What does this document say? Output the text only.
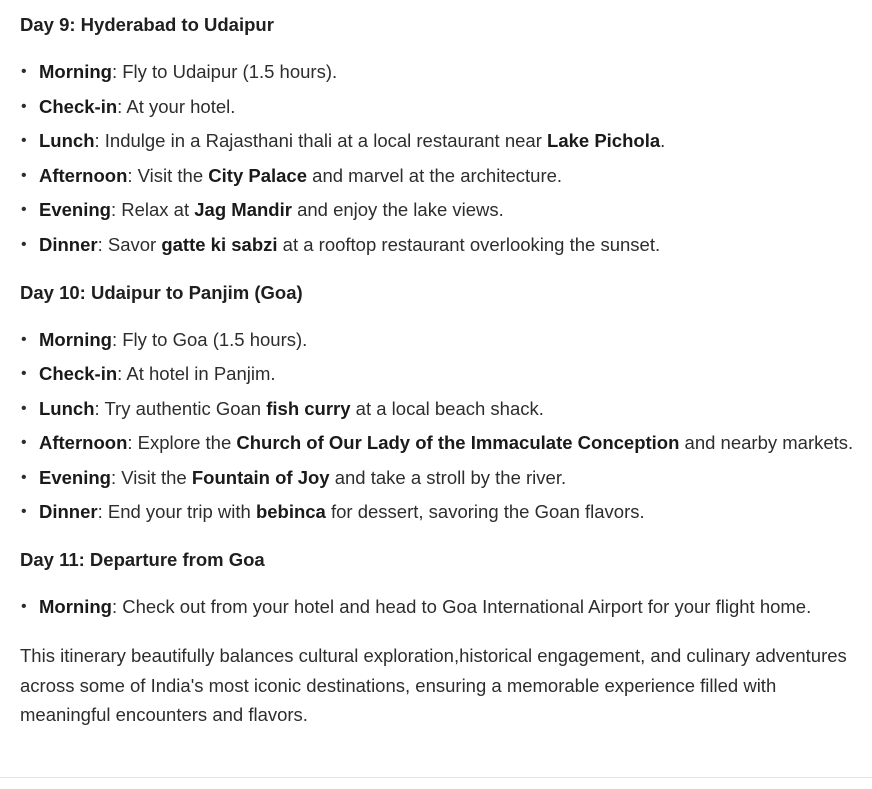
Day 9: Hyderabad to Udaipur
• Morning: Fly to Udaipur (1.5 hours).
• Check-in: At your hotel.
• Lunch: Indulge in a Rajasthani thali at a local restaurant near Lake Pichola.
• Afternoon: Visit the City Palace and marvel at the architecture.
• Evening: Relax at Jag Mandir and enjoy the lake views.
• Dinner: Savor gatte ki sabzi at a rooftop restaurant overlooking the sunset.
Day 10: Udaipur to Panjim (Goa)
• Morning: Fly to Goa (1.5 hours).
• Check-in: At hotel in Panjim.
• Lunch: Try authentic Goan fish curry at a local beach shack.
• Afternoon: Explore the Church of Our Lady of the Immaculate Conception and nearby markets.
• Evening: Visit the Fountain of Joy and take a stroll by the river.
• Dinner: End your trip with bebinca for dessert, savoring the Goan flavors.
Day 11: Departure from Goa
• Morning: Check out from your hotel and head to Goa International Airport for your flight home.

This itinerary beautifully balances cultural exploration,historical engagement, and culinary adventures across some of India's most iconic destinations, ensuring a memorable experience filled with meaningful encounters and flavors.
